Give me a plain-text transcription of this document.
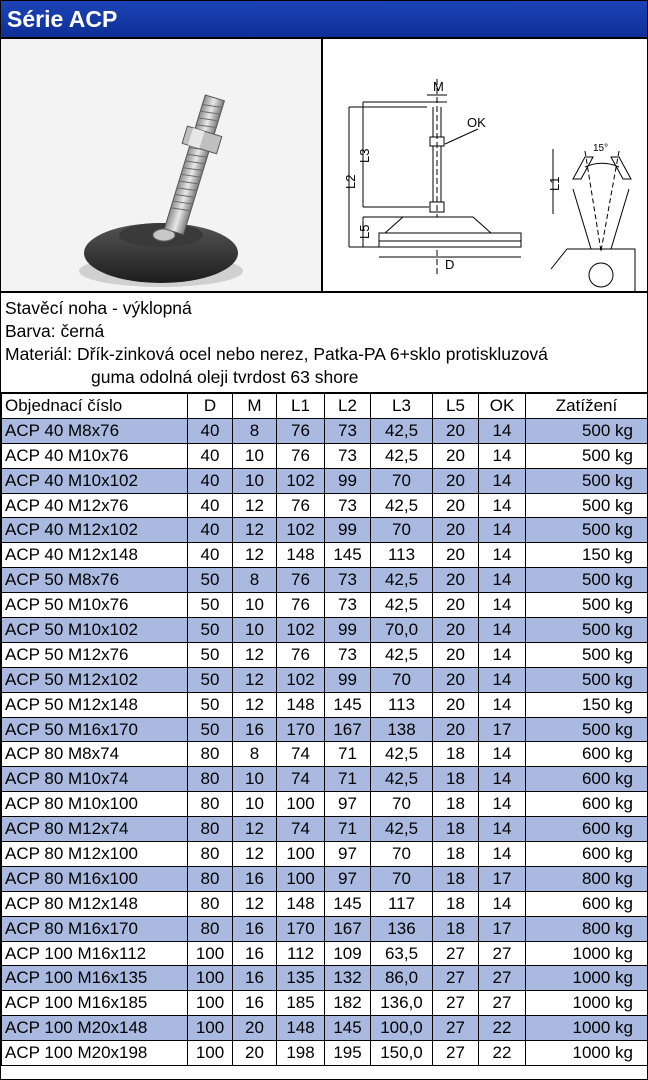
Série ACP
M
L3
L2	L1
L5
OK
D
15°
Stavěcí noha - výklopná
Barva: černá
Materiál: Dřík-zinková ocel nebo nerez, Patka-PA 6+sklo protiskluzová
guma odolná oleji tvrdost 63 shore
Objednací číslo	D	M	L1	L2	L3	L5	OK	Zatížení
ACP 40 M8x76	40	8	76	73	42,5	20	14	500 kg
ACP 40 M10x76	40	10	76	73	42,5	20	14	500 kg
ACP 40 M10x102	40	10	102	99	70	20	14	500 kg
ACP 40 M12x76	40	12	76	73	42,5	20	14	500 kg
ACP 40 M12x102	40	12	102	99	70	20	14	500 kg
ACP 40 M12x148	40	12	148	145	113	20	14	150 kg
ACP 50 M8x76	50	8	76	73	42,5	20	14	500 kg
ACP 50 M10x76	50	10	76	73	42,5	20	14	500 kg
ACP 50 M10x102	50	10	102	99	70,0	20	14	500 kg
ACP 50 M12x76	50	12	76	73	42,5	20	14	500 kg
ACP 50 M12x102	50	12	102	99	70	20	14	500 kg
ACP 50 M12x148	50	12	148	145	113	20	14	150 kg
ACP 50 M16x170	50	16	170	167	138	20	17	500 kg
ACP 80 M8x74	80	8	74	71	42,5	18	14	600 kg
ACP 80 M10x74	80	10	74	71	42,5	18	14	600 kg
ACP 80 M10x100	80	10	100	97	70	18	14	600 kg
ACP 80 M12x74	80	12	74	71	42,5	18	14	600 kg
ACP 80 M12x100	80	12	100	97	70	18	14	600 kg
ACP 80 M16x100	80	16	100	97	70	18	17	800 kg
ACP 80 M12x148	80	12	148	145	117	18	14	600 kg
ACP 80 M16x170	80	16	170	167	136	18	17	800 kg
ACP 100 M16x112	100	16	112	109	63,5	27	27	1000 kg
ACP 100 M16x135	100	16	135	132	86,0	27	27	1000 kg
ACP 100 M16x185	100	16	185	182	136,0	27	27	1000 kg
ACP 100 M20x148	100	20	148	145	100,0	27	22	1000 kg
ACP 100 M20x198	100	20	198	195	150,0	27	22	1000 kg
